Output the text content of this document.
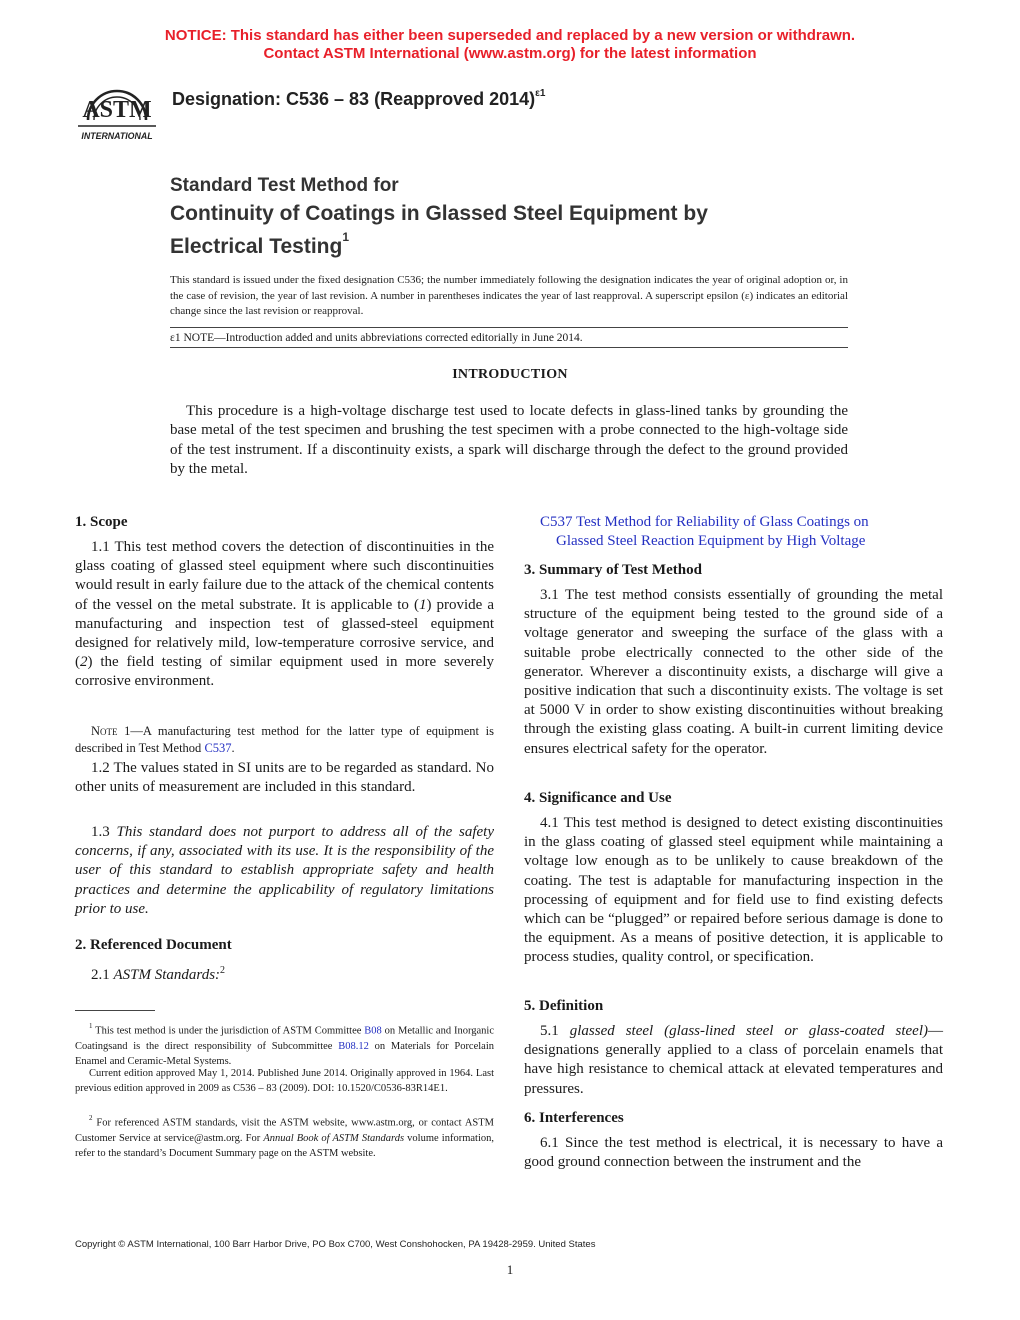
NOTICE: This standard has either been superseded and replaced by a new version or withdrawn.
Contact ASTM International (www.astm.org) for the latest information
ASTM
INTERNATIONAL
Designation: C536 – 83 (Reapproved 2014)$^{\varepsilon 1}$
Standard Test Method for
Continuity of Coatings in Glassed Steel Equipment by
Electrical Testing$^1$
This standard is issued under the fixed designation C536; the number immediately following the designation indicates the year of original adoption or, in the case of revision, the year of last revision. A number in parentheses indicates the year of last reapproval. A superscript epsilon (ε) indicates an editorial change since the last revision or reapproval.
ε1 NOTE—Introduction added and units abbreviations corrected editorially in June 2014.
INTRODUCTION
This procedure is a high-voltage discharge test used to locate defects in glass-lined tanks by grounding the base metal of the test specimen and brushing the test specimen with a probe connected to the high-voltage side of the test instrument. If a discontinuity exists, a spark will discharge through the defect to the ground provided by the metal.
1. Scope

1.1 This test method covers the detection of discontinuities in the glass coating of glassed steel equipment where such discontinuities would result in early failure due to the attack of the chemical contents of the vessel on the metal substrate. It is applicable to (1) provide a manufacturing and inspection test of glassed-steel equipment designed for relatively mild, low-temperature corrosive service, and (2) the field testing of similar equipment used in more severely corrosive environment.

Note 1—A manufacturing test method for the latter type of equipment is described in Test Method C537.

1.2 The values stated in SI units are to be regarded as standard. No other units of measurement are included in this standard.

1.3 This standard does not purport to address all of the safety concerns, if any, associated with its use. It is the responsibility of the user of this standard to establish appropriate safety and health practices and determine the applicability of regulatory limitations prior to use.

2. Referenced Document

2.1 ASTM Standards:$^2$

$^1$ This test method is under the jurisdiction of ASTM Committee B08 on Metallic and Inorganic Coatingsand is the direct responsibility of Subcommittee B08.12 on Materials for Porcelain Enamel and Ceramic-Metal Systems.
Current edition approved May 1, 2014. Published June 2014. Originally approved in 1964. Last previous edition approved in 2009 as C536 – 83 (2009). DOI: 10.1520/C0536-83R14E1.
$^2$ For referenced ASTM standards, visit the ASTM website, www.astm.org, or contact ASTM Customer Service at service@astm.org. For Annual Book of ASTM Standards volume information, refer to the standard’s Document Summary page on the ASTM website.

C537 Test Method for Reliability of Glass Coatings on

Glassed Steel Reaction Equipment by High Voltage

3. Summary of Test Method

3.1 The test method consists essentially of grounding the metal structure of the equipment being tested to the ground side of a voltage generator and sweeping the surface of the glass with a suitable probe electrically connected to the other side of the generator. Wherever a discontinuity exists, a discharge will give a positive indication that such a discontinuity exists. The voltage is set at 5000 V in order to show existing discontinuities without breaking through the existing glass coating. A built-in current limiting device ensures electrical safety for the operator.

4. Significance and Use

4.1 This test method is designed to detect existing discontinuities in the glass coating of glassed steel equipment while maintaining a voltage low enough as to be unlikely to cause breakdown of the coating. The test is adaptable for manufacturing inspection in the processing of equipment and for field use to find existing defects which can be “plugged” or repaired before serious damage is done to the equipment. As a means of positive detection, it is applicable to process studies, quality control, or specification.

5. Definition

5.1 glassed steel (glass-lined steel or glass-coated steel)—designations generally applied to a class of porcelain enamels that have high resistance to chemical attack at elevated temperatures and pressures.

6. Interferences

6.1 Since the test method is electrical, it is necessary to have a good ground connection between the instrument and the

Copyright © ASTM International, 100 Barr Harbor Drive, PO Box C700, West Conshohocken, PA 19428-2959. United States
1
